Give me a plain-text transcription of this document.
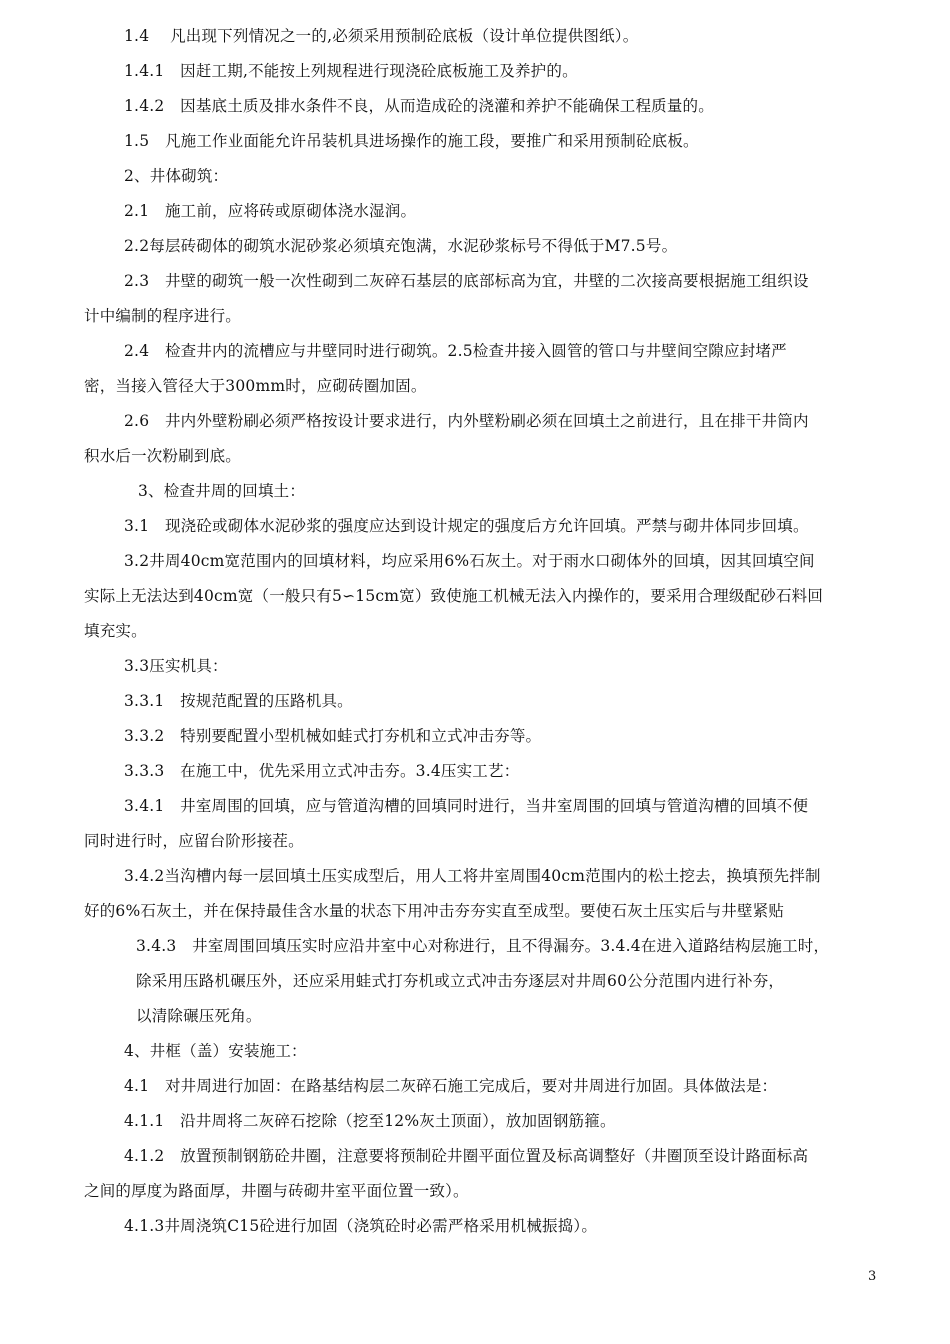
1.4　 凡出现下列情况之一的,必须采用预制砼底板（设计单位提供图纸）。
1.4.1　因赶工期,不能按上列规程进行现浇砼底板施工及养护的。
1.4.2　因基底土质及排水条件不良，从而造成砼的浇灌和养护不能确保工程质量的。
1.5　凡施工作业面能允许吊装机具进场操作的施工段，要推广和采用预制砼底板。
2、井体砌筑：
2.1　施工前，应将砖或原砌体浇水湿润。
2.2每层砖砌体的砌筑水泥砂浆必须填充饱满，水泥砂浆标号不得低于M7.5号。
2.3　井壁的砌筑一般一次性砌到二灰碎石基层的底部标高为宜，井壁的二次接高要根据施工组织设
计中编制的程序进行。
2.4　检查井内的流槽应与井壁同时进行砌筑。2.5检查井接入圆管的管口与井壁间空隙应封堵严
密，当接入管径大于300mm时，应砌砖圈加固。
2.6　井内外壁粉刷必须严格按设计要求进行，内外壁粉刷必须在回填土之前进行，且在排干井筒内
积水后一次粉刷到底。
3、检查井周的回填土：
3.1　现浇砼或砌体水泥砂浆的强度应达到设计规定的强度后方允许回填。严禁与砌井体同步回填。
3.2井周40cm宽范围内的回填材料，均应采用6%石灰土。对于雨水口砌体外的回填，因其回填空间
实际上无法达到40cm宽（一般只有5∽15cm宽）致使施工机械无法入内操作的，要采用合理级配砂石料回
填充实。
3.3压实机具：
3.3.1　按规范配置的压路机具。
3.3.2　特别要配置小型机械如蛙式打夯机和立式冲击夯等。
3.3.3　在施工中，优先采用立式冲击夯。3.4压实工艺：
3.4.1　井室周围的回填，应与管道沟槽的回填同时进行，当井室周围的回填与管道沟槽的回填不便
同时进行时，应留台阶形接茬。
3.4.2当沟槽内每一层回填土压实成型后，用人工将井室周围40cm范围内的松土挖去，换填预先拌制
好的6%石灰土，并在保持最佳含水量的状态下用冲击夯夯实直至成型。要使石灰土压实后与井壁紧贴
3.4.3　井室周围回填压实时应沿井室中心对称进行，且不得漏夯。3.4.4在进入道路结构层施工时，
除采用压路机碾压外，还应采用蛙式打夯机或立式冲击夯逐层对井周60公分范围内进行补夯，
以清除碾压死角。
4、井框（盖）安装施工：
4.1　对井周进行加固：在路基结构层二灰碎石施工完成后，要对井周进行加固。具体做法是：
4.1.1　沿井周将二灰碎石挖除（挖至12%灰土顶面），放加固钢筋箍。
4.1.2　放置预制钢筋砼井圈，注意要将预制砼井圈平面位置及标高调整好（井圈顶至设计路面标高
之间的厚度为路面厚，井圈与砖砌井室平面位置一致）。
4.1.3井周浇筑C15砼进行加固（浇筑砼时必需严格采用机械振捣）。
3
